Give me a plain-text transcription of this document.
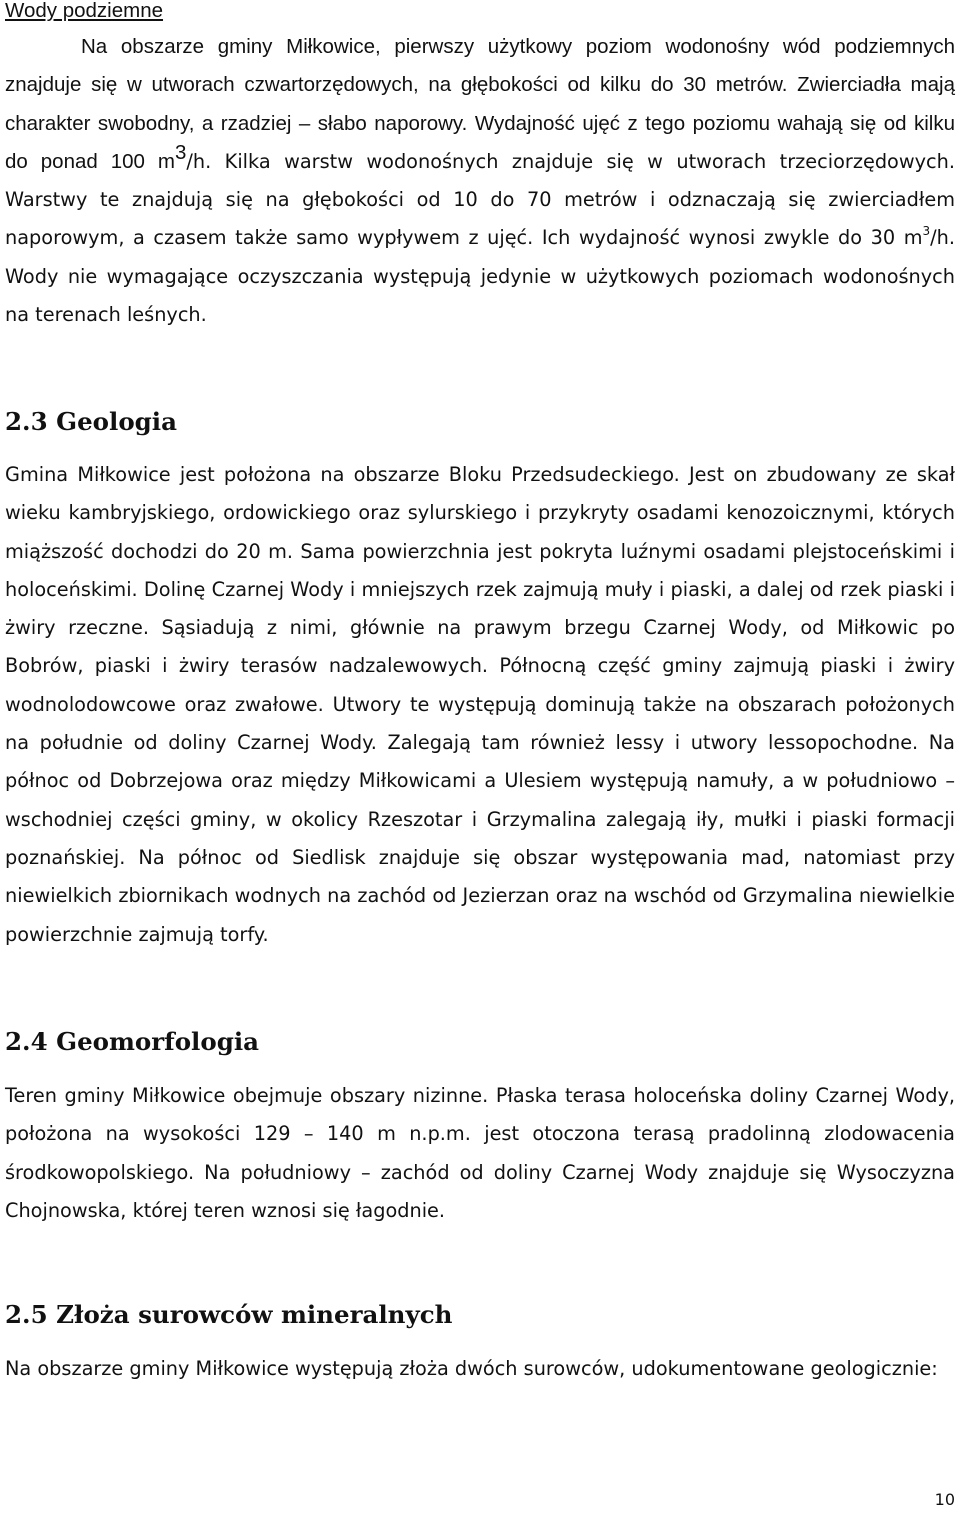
Wody podziemne

Na obszarze gminy Miłkowice, pierwszy użytkowy poziom wodonośny wód podziemnych znajduje się w utworach czwartorzędowych, na głębokości od kilku do 30 metrów. Zwierciadła mają charakter swobodny, a rzadziej – słabo naporowy. Wydajność ujęć z tego poziomu wahają się od kilku do ponad 100 $m^3/h$. Kilka warstw wodonośnych znajduje się w utworach trzeciorzędowych. Warstwy te znajdują się na głębokości od 10 do 70 metrów i odznaczają się zwierciadłem naporowym, a czasem także samo wypływem z ujęć. Ich wydajność wynosi zwykle do 30 $m^3/h$. Wody nie wymagające oczyszczania występują jedynie w użytkowych poziomach wodonośnych na terenach leśnych.

2.3 Geologia

Gmina Miłkowice jest położona na obszarze Bloku Przedsudeckiego. Jest on zbudowany ze skał wieku kambryjskiego, ordowickiego oraz sylurskiego i przykryty osadami kenozoicznymi, których miąższość dochodzi do 20 m. Sama powierzchnia jest pokryta luźnymi osadami plejstoceńskimi i holoceńskimi. Dolinę Czarnej Wody i mniejszych rzek zajmują muły i piaski, a dalej od rzek piaski i żwiry rzeczne. Sąsiadują z nimi, głównie na prawym brzegu Czarnej Wody, od Miłkowic po Bobrów, piaski i żwiry terasów nadzalewowych. Północną część gminy zajmują piaski i żwiry wodnolodowcowe oraz zwałowe. Utwory te występują dominują także na obszarach położonych na południe od doliny Czarnej Wody. Zalegają tam również lessy i utwory lessopochodne. Na północ od Dobrzejowa oraz między Miłkowicami a Ulesiem występują namuły, a w południowo – wschodniej części gminy, w okolicy Rzeszotar i Grzymalina zalegają iły, mułki i piaski formacji poznańskiej. Na północ od Siedlisk znajduje się obszar występowania mad, natomiast przy niewielkich zbiornikach wodnych na zachód od Jezierzan oraz na wschód od Grzymalina niewielkie powierzchnie zajmują torfy.

2.4 Geomorfologia

Teren gminy Miłkowice obejmuje obszary nizinne. Płaska terasa holoceńska doliny Czarnej Wody, położona na wysokości 129 – 140 m n.p.m. jest otoczona terasą pradolinną zlodowacenia środkowopolskiego. Na południowy – zachód od doliny Czarnej Wody znajduje się Wysoczyzna Chojnowska, której teren wznosi się łagodnie.

2.5 Złoża surowców mineralnych

Na obszarze gminy Miłkowice występują złoża dwóch surowców, udokumentowane geologicznie:

10
